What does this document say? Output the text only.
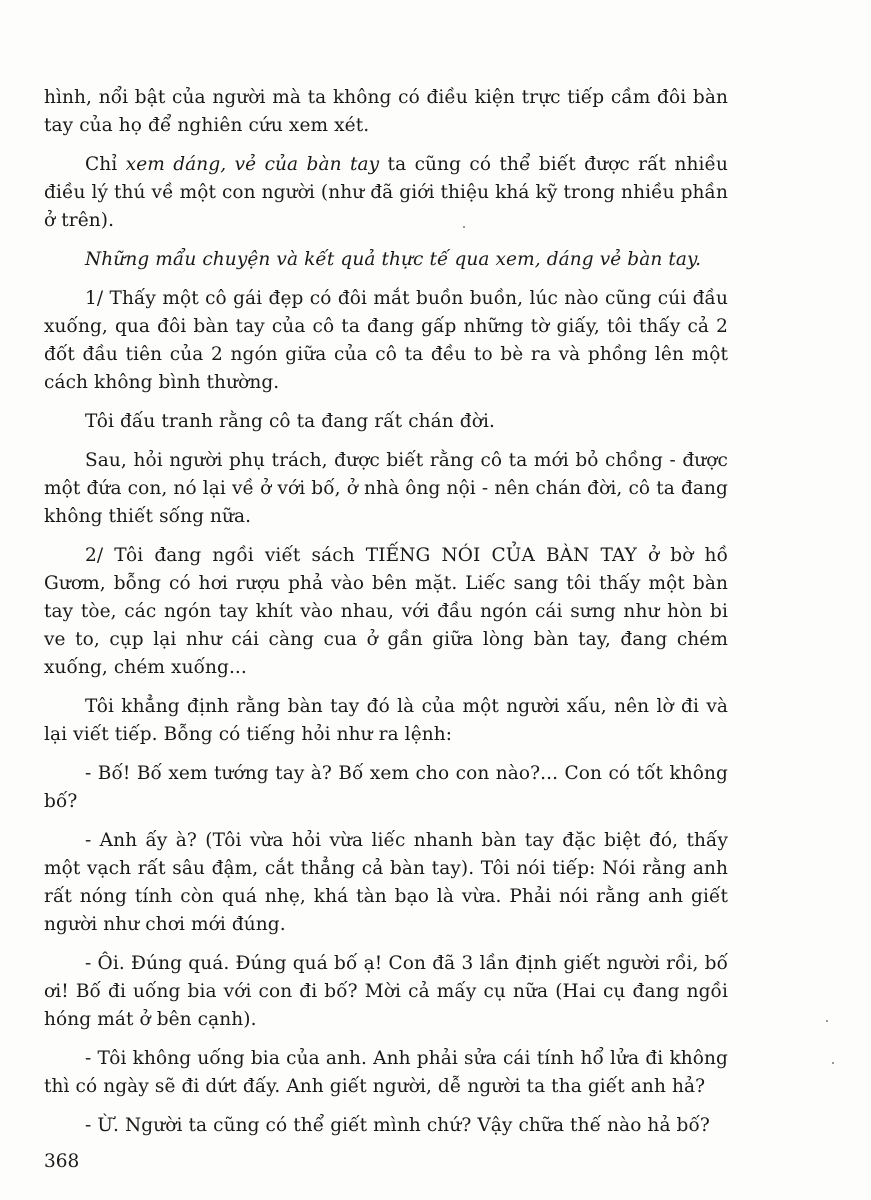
hình, nổi bật của người mà ta không có điều kiện trực tiếp cầm đôi bàn tay của họ để nghiên cứu xem xét.

Chỉ xem dáng, vẻ của bàn tay ta cũng có thể biết được rất nhiều điều lý thú về một con người (như đã giới thiệu khá kỹ trong nhiều phần ở trên).

Những mẩu chuyện và kết quả thực tế qua xem, dáng vẻ bàn tay.

1/ Thấy một cô gái đẹp có đôi mắt buồn buồn, lúc nào cũng cúi đầu xuống, qua đôi bàn tay của cô ta đang gấp những tờ giấy, tôi thấy cả 2 đốt đầu tiên của 2 ngón giữa của cô ta đều to bè ra và phồng lên một cách không bình thường.

Tôi đấu tranh rằng cô ta đang rất chán đời.

Sau, hỏi người phụ trách, được biết rằng cô ta mới bỏ chồng - được một đứa con, nó lại về ở với bố, ở nhà ông nội - nên chán đời, cô ta đang không thiết sống nữa.

2/ Tôi đang ngồi viết sách TIẾNG NÓI CỦA BÀN TAY ở bờ hồ Gươm, bỗng có hơi rượu phả vào bên mặt. Liếc sang tôi thấy một bàn tay tòe, các ngón tay khít vào nhau, với đầu ngón cái sưng như hòn bi ve to, cụp lại như cái càng cua ở gần giữa lòng bàn tay, đang chém xuống, chém xuống...

Tôi khẳng định rằng bàn tay đó là của một người xấu, nên lờ đi và lại viết tiếp. Bỗng có tiếng hỏi như ra lệnh:

- Bố! Bố xem tướng tay à? Bố xem cho con nào?... Con có tốt không bố?

- Anh ấy à? (Tôi vừa hỏi vừa liếc nhanh bàn tay đặc biệt đó, thấy một vạch rất sâu đậm, cắt thẳng cả bàn tay). Tôi nói tiếp: Nói rằng anh rất nóng tính còn quá nhẹ, khá tàn bạo là vừa. Phải nói rằng anh giết người như chơi mới đúng.

- Ôi. Đúng quá. Đúng quá bố ạ! Con đã 3 lần định giết người rồi, bố ơi! Bố đi uống bia với con đi bố? Mời cả mấy cụ nữa (Hai cụ đang ngồi hóng mát ở bên cạnh).

- Tôi không uống bia của anh. Anh phải sửa cái tính hổ lửa đi không thì có ngày sẽ đi dứt đấy. Anh giết người, dễ người ta tha giết anh hả?

- Ừ. Người ta cũng có thể giết mình chứ? Vậy chữa thế nào hả bố?

368
